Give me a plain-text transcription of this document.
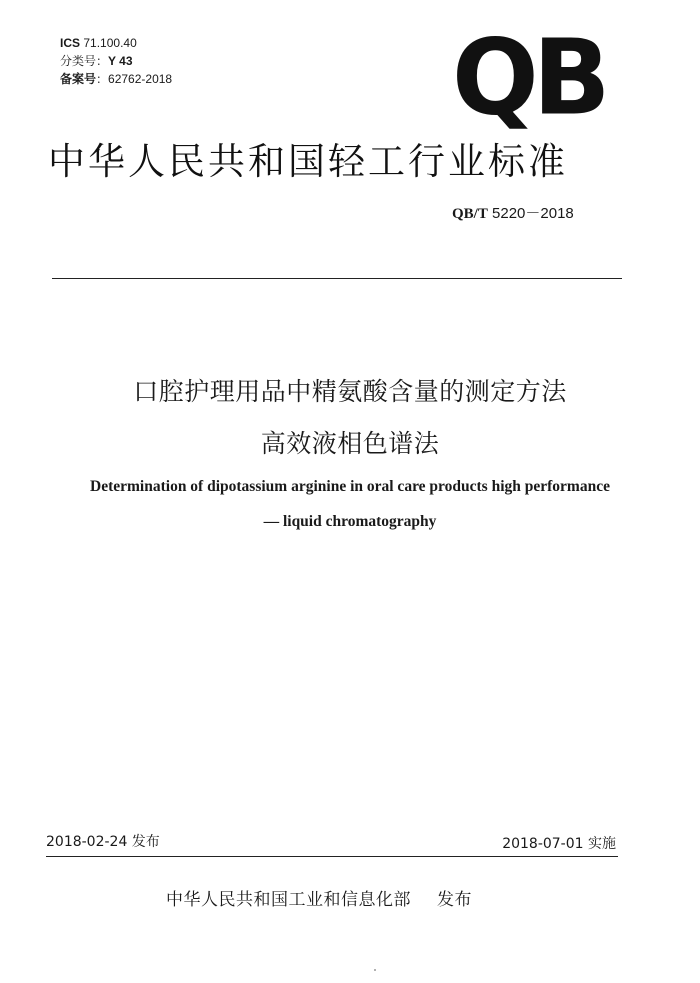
ICS 71.100.40
分类号：Y 43
备案号：62762-2018	QB
中华人民共和国轻工行业标准
QB/T 5220－2018
口腔护理用品中精氨酸含量的测定方法
高效液相色谱法
Determination of dipotassium arginine in oral care products high performance
— liquid chromatography
2018-02-24 发布	2018-07-01 实施
中华人民共和国工业和信息化部 发布
